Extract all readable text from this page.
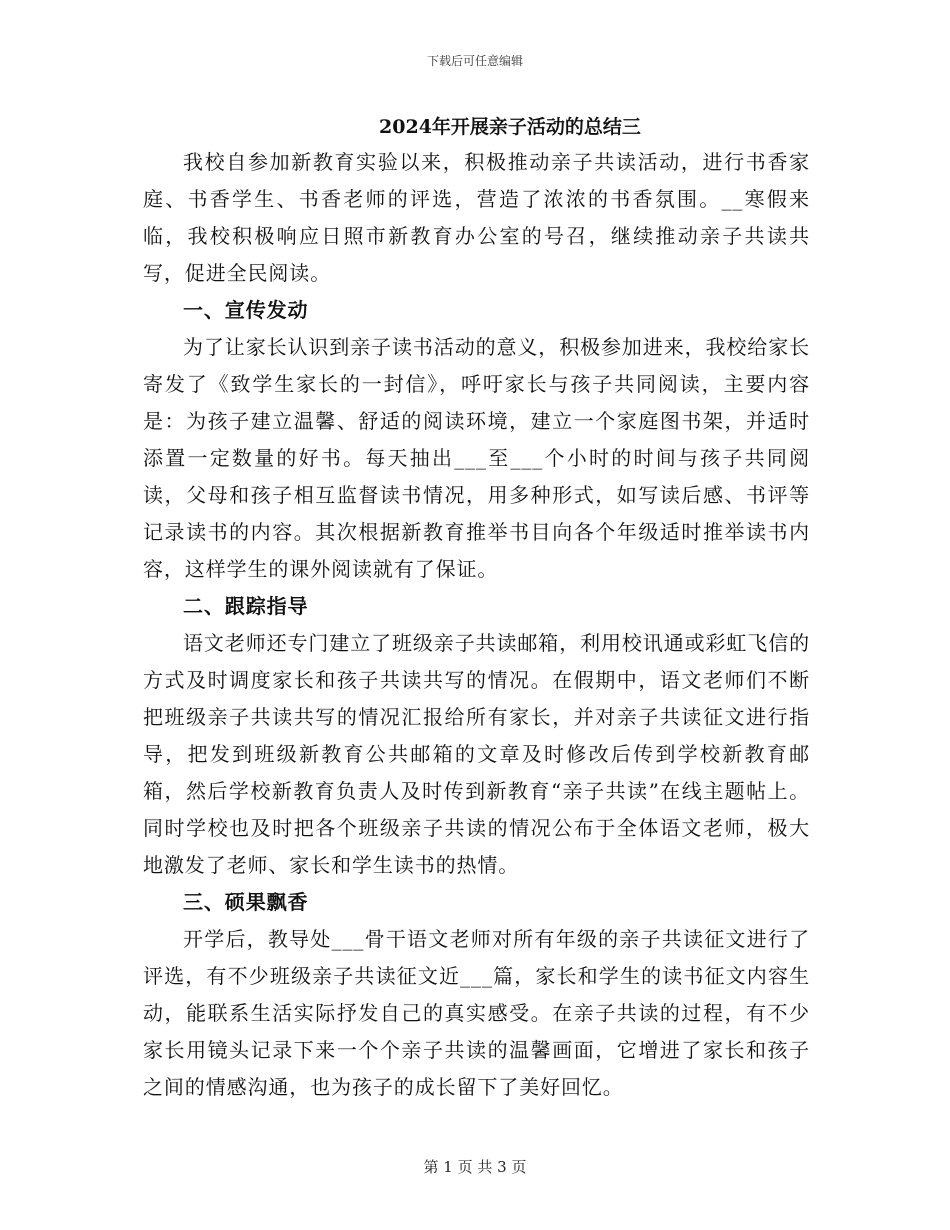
下载后可任意编辑
2024年开展亲子活动的总结三

我校自参加新教育实验以来，积极推动亲子共读活动，进行书香家庭、书香学生、书香老师的评选，营造了浓浓的书香氛围。__寒假来临，我校积极响应日照市新教育办公室的号召，继续推动亲子共读共写，促进全民阅读。

一、宣传发动

为了让家长认识到亲子读书活动的意义，积极参加进来，我校给家长寄发了《致学生家长的一封信》，呼吁家长与孩子共同阅读，主要内容是：为孩子建立温馨、舒适的阅读环境，建立一个家庭图书架，并适时添置一定数量的好书。每天抽出___至___个小时的时间与孩子共同阅读，父母和孩子相互监督读书情况，用多种形式，如写读后感、书评等记录读书的内容。其次根据新教育推举书目向各个年级适时推举读书内容，这样学生的课外阅读就有了保证。

二、跟踪指导

语文老师还专门建立了班级亲子共读邮箱，利用校讯通或彩虹飞信的方式及时调度家长和孩子共读共写的情况。在假期中，语文老师们不断把班级亲子共读共写的情况汇报给所有家长，并对亲子共读征文进行指导，把发到班级新教育公共邮箱的文章及时修改后传到学校新教育邮箱，然后学校新教育负责人及时传到新教育“亲子共读”在线主题帖上。同时学校也及时把各个班级亲子共读的情况公布于全体语文老师，极大地激发了老师、家长和学生读书的热情。

三、硕果飘香

开学后，教导处___骨干语文老师对所有年级的亲子共读征文进行了评选，有不少班级亲子共读征文近___篇，家长和学生的读书征文内容生动，能联系生活实际抒发自己的真实感受。在亲子共读的过程，有不少家长用镜头记录下来一个个亲子共读的温馨画面，它增进了家长和孩子之间的情感沟通，也为孩子的成长留下了美好回忆。

第 1 页 共 3 页
